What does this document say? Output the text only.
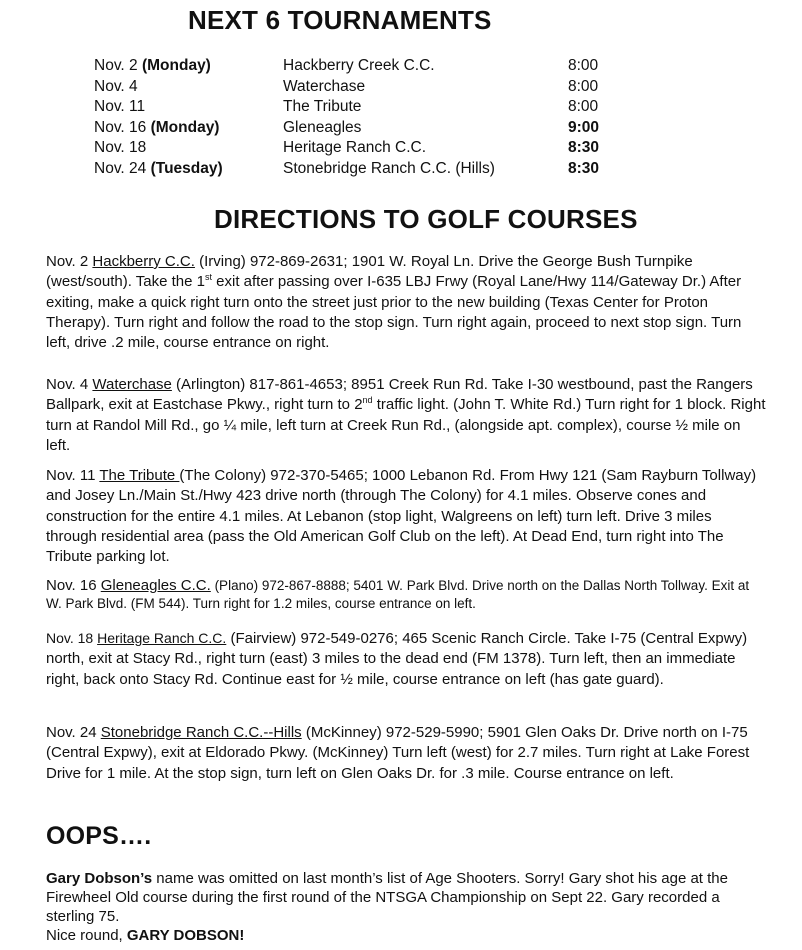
NEXT 6 TOURNAMENTS
Nov. 2 (Monday)	Hackberry Creek C.C.	8:00
Nov. 4	Waterchase	8:00
Nov. 11	The Tribute	8:00
Nov. 16 (Monday)	Gleneagles	9:00
Nov. 18	Heritage Ranch C.C.	8:30
Nov. 24 (Tuesday)	Stonebridge Ranch C.C. (Hills)	8:30
DIRECTIONS TO GOLF COURSES
Nov. 2 Hackberry C.C. (Irving) 972-869-2631; 1901 W. Royal Ln. Drive the George Bush Turnpike (west/south). Take the 1st exit after passing over I-635 LBJ Frwy (Royal Lane/Hwy 114/Gateway Dr.) After exiting, make a quick right turn onto the street just prior to the new building (Texas Center for Proton Therapy). Turn right and follow the road to the stop sign. Turn right again, proceed to next stop sign. Turn left, drive .2 mile, course entrance on right.
Nov. 4 Waterchase (Arlington) 817-861-4653; 8951 Creek Run Rd. Take I-30 westbound, past the Rangers Ballpark, exit at Eastchase Pkwy., right turn to 2nd traffic light. (John T. White Rd.) Turn right for 1 block. Right turn at Randol Mill Rd., go ¼ mile, left turn at Creek Run Rd., (alongside apt. complex), course ½ mile on left.
Nov. 11 The Tribute (The Colony) 972-370-5465; 1000 Lebanon Rd. From Hwy 121 (Sam Rayburn Tollway) and Josey Ln./Main St./Hwy 423 drive north (through The Colony) for 4.1 miles. Observe cones and construction for the entire 4.1 miles. At Lebanon (stop light, Walgreens on left) turn left. Drive 3 miles through residential area (pass the Old American Golf Club on the left). At Dead End, turn right into The Tribute parking lot.
Nov. 16 Gleneagles C.C. (Plano) 972-867-8888; 5401 W. Park Blvd. Drive north on the Dallas North Tollway. Exit at W. Park Blvd. (FM 544). Turn right for 1.2 miles, course entrance on left.
Nov. 18 Heritage Ranch C.C. (Fairview) 972-549-0276; 465 Scenic Ranch Circle. Take I-75 (Central Expwy) north, exit at Stacy Rd., right turn (east) 3 miles to the dead end (FM 1378). Turn left, then an immediate right, back onto Stacy Rd. Continue east for ½ mile, course entrance on left (has gate guard).
Nov. 24 Stonebridge Ranch C.C.--Hills (McKinney) 972-529-5990; 5901 Glen Oaks Dr. Drive north on I-75 (Central Expwy), exit at Eldorado Pkwy. (McKinney) Turn left (west) for 2.7 miles. Turn right at Lake Forest Drive for 1 mile. At the stop sign, turn left on Glen Oaks Dr. for .3 mile. Course entrance on left.
OOPS….
Gary Dobson’s name was omitted on last month’s list of Age Shooters. Sorry! Gary shot his age at the Firewheel Old course during the first round of the NTSGA Championship on Sept 22. Gary recorded a sterling 75.
Nice round, GARY DOBSON!
